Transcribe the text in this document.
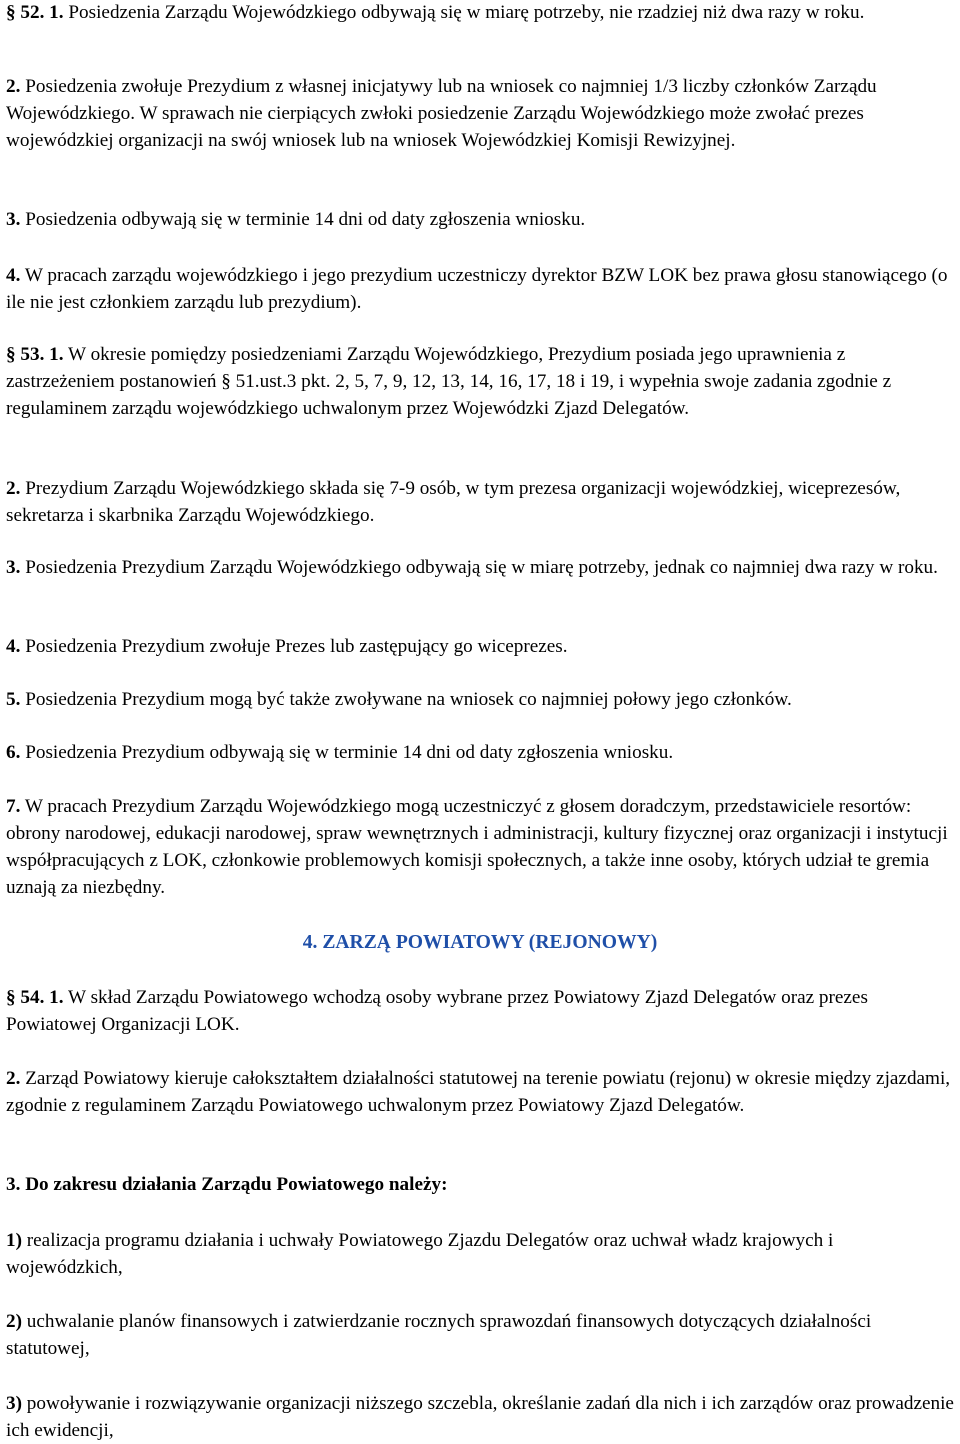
§ 52. 1. Posiedzenia Zarządu Wojewódzkiego odbywają się w miarę potrzeby, nie rzadziej niż dwa razy w roku.

2. Posiedzenia zwołuje Prezydium z własnej inicjatywy lub na wniosek co najmniej 1/3 liczby członków Zarządu Wojewódzkiego. W sprawach nie cierpiących zwłoki posiedzenie Zarządu Wojewódzkiego może zwołać prezes wojewódzkiej organizacji na swój wniosek lub na wniosek Wojewódzkiej Komisji Rewizyjnej.

3. Posiedzenia odbywają się w terminie 14 dni od daty zgłoszenia wniosku.

4. W pracach zarządu wojewódzkiego i jego prezydium uczestniczy dyrektor BZW LOK bez prawa głosu stanowiącego (o ile nie jest członkiem zarządu lub prezydium).

§ 53. 1. W okresie pomiędzy posiedzeniami Zarządu Wojewódzkiego, Prezydium posiada jego uprawnienia z zastrzeżeniem postanowień § 51.ust.3 pkt. 2, 5, 7, 9, 12, 13, 14, 16, 17, 18 i 19, i wypełnia swoje zadania zgodnie z regulaminem zarządu wojewódzkiego uchwalonym przez Wojewódzki Zjazd Delegatów.

2. Prezydium Zarządu Wojewódzkiego składa się 7-9 osób, w tym prezesa organizacji wojewódzkiej, wiceprezesów, sekretarza i skarbnika Zarządu Wojewódzkiego.

3. Posiedzenia Prezydium Zarządu Wojewódzkiego odbywają się w miarę potrzeby, jednak co najmniej dwa razy w roku.

4. Posiedzenia Prezydium zwołuje Prezes lub zastępujący go wiceprezes.

5. Posiedzenia Prezydium mogą być także zwoływane na wniosek co najmniej połowy jego członków.

6. Posiedzenia Prezydium odbywają się w terminie 14 dni od daty zgłoszenia wniosku.

7. W pracach Prezydium Zarządu Wojewódzkiego mogą uczestniczyć z głosem doradczym, przedstawiciele resortów: obrony narodowej, edukacji narodowej, spraw wewnętrznych i administracji, kultury fizycznej oraz organizacji i instytucji współpracujących z LOK, członkowie problemowych komisji społecznych, a także inne osoby, których udział te gremia uznają za niezbędny.

4. ZARZĄ POWIATOWY (REJONOWY)

§ 54. 1. W skład Zarządu Powiatowego wchodzą osoby wybrane przez Powiatowy Zjazd Delegatów oraz prezes Powiatowej Organizacji LOK.

2. Zarząd Powiatowy kieruje całokształtem działalności statutowej na terenie powiatu (rejonu) w okresie między zjazdami, zgodnie z regulaminem Zarządu Powiatowego uchwalonym przez Powiatowy Zjazd Delegatów.

3. Do zakresu działania Zarządu Powiatowego należy:

1) realizacja programu działania i uchwały Powiatowego Zjazdu Delegatów oraz uchwał władz krajowych i wojewódzkich,

2) uchwalanie planów finansowych i zatwierdzanie rocznych sprawozdań finansowych dotyczących działalności statutowej,

3) powoływanie i rozwiązywanie organizacji niższego szczebla, określanie zadań dla nich i ich zarządów oraz prowadzenie ich ewidencji,
